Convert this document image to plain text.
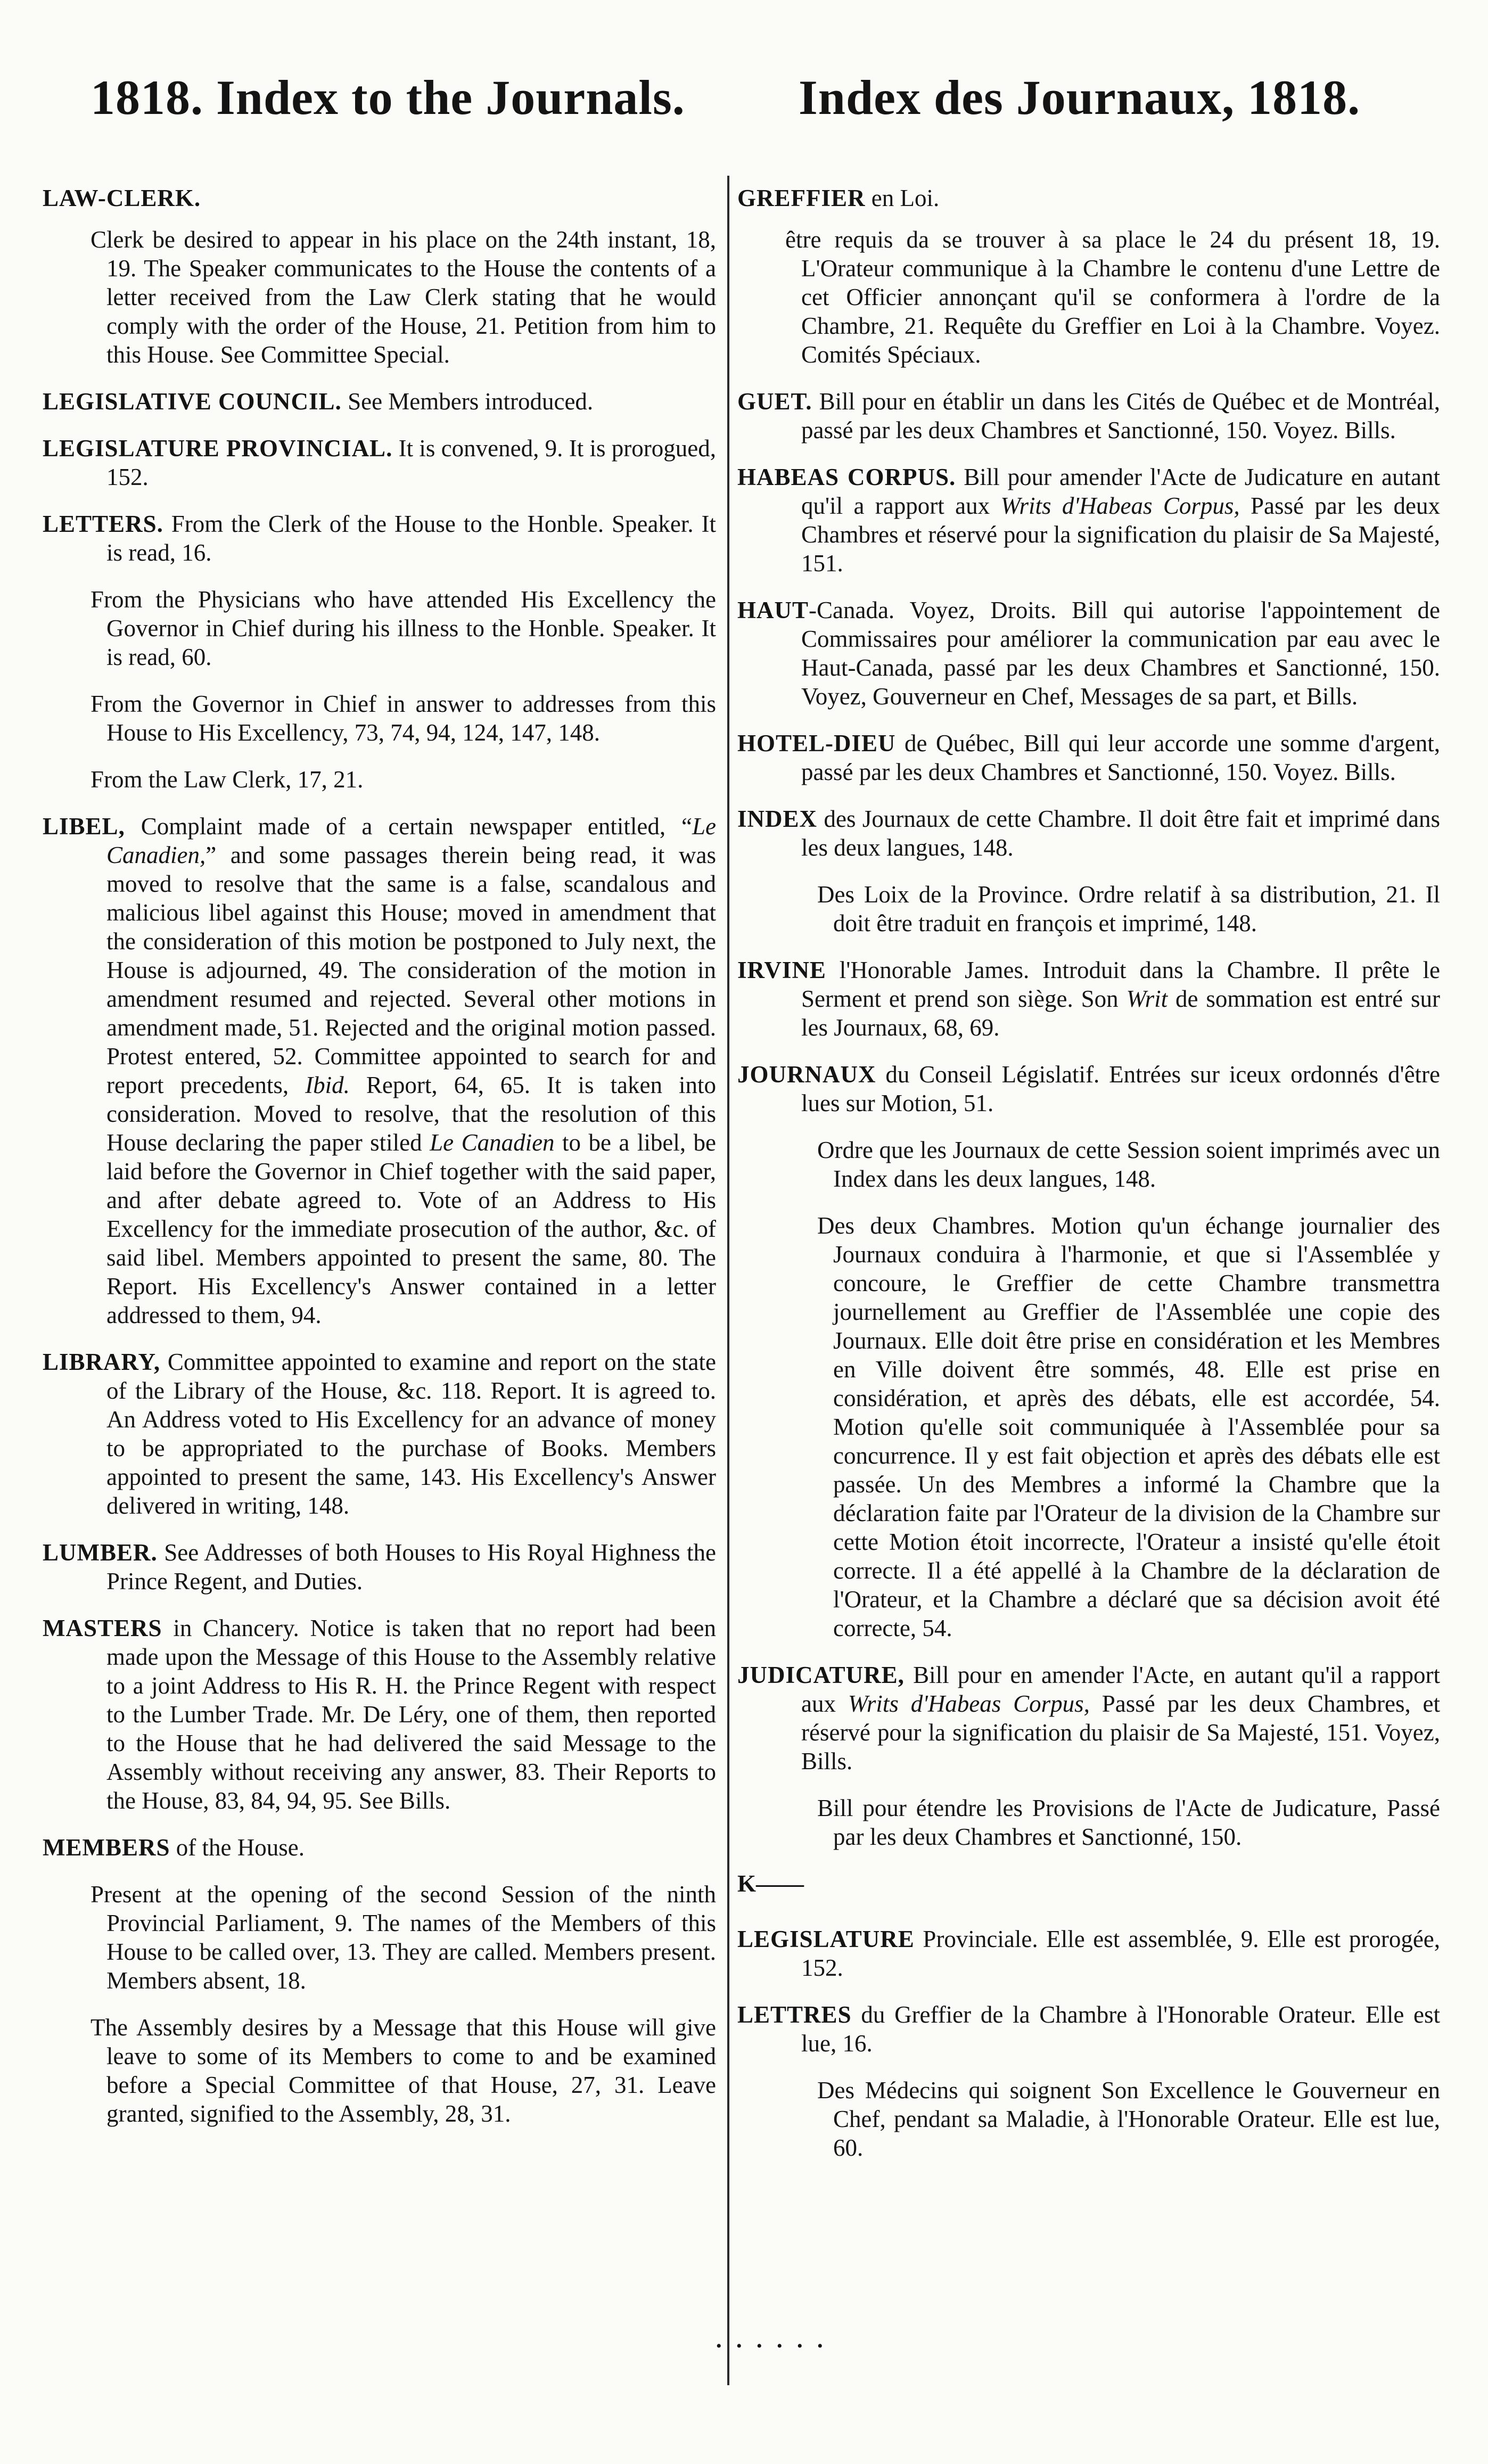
1818. Index to the Journals. Index des Journaux, 1818.
LAW-CLERK.

Clerk be desired to appear in his place on the 24th instant, 18, 19. The Speaker communicates to the House the contents of a letter received from the Law Clerk stating that he would comply with the order of the House, 21. Petition from him to this House. See Committee Special.

LEGISLATIVE COUNCIL. See Members introduced.

LEGISLATURE PROVINCIAL. It is convened, 9. It is prorogued, 152.

LETTERS. From the Clerk of the House to the Honble. Speaker. It is read, 16.

From the Physicians who have attended His Excellency the Governor in Chief during his illness to the Honble. Speaker. It is read, 60.

From the Governor in Chief in answer to addresses from this House to His Excellency, 73, 74, 94, 124, 147, 148.

From the Law Clerk, 17, 21.

LIBEL, Complaint made of a certain newspaper entitled, “Le Canadien,” and some passages therein being read, it was moved to resolve that the same is a false, scandalous and malicious libel against this House; moved in amendment that the consideration of this motion be postponed to July next, the House is adjourned, 49. The consideration of the motion in amendment resumed and rejected. Several other motions in amendment made, 51. Rejected and the original motion passed. Protest entered, 52. Committee appointed to search for and report precedents, Ibid. Report, 64, 65. It is taken into consideration. Moved to resolve, that the resolution of this House declaring the paper stiled Le Canadien to be a libel, be laid before the Governor in Chief together with the said paper, and after debate agreed to. Vote of an Address to His Excellency for the immediate prosecution of the author, &c. of said libel. Members appointed to present the same, 80. The Report. His Excellency's Answer contained in a letter addressed to them, 94.

LIBRARY, Committee appointed to examine and report on the state of the Library of the House, &c. 118. Report. It is agreed to. An Address voted to His Excellency for an advance of money to be appropriated to the purchase of Books. Members appointed to present the same, 143. His Excellency's Answer delivered in writing, 148.

LUMBER. See Addresses of both Houses to His Royal Highness the Prince Regent, and Duties.

MASTERS in Chancery. Notice is taken that no report had been made upon the Message of this House to the Assembly relative to a joint Address to His R. H. the Prince Regent with respect to the Lumber Trade. Mr. De Léry, one of them, then reported to the House that he had delivered the said Message to the Assembly without receiving any answer, 83. Their Reports to the House, 83, 84, 94, 95. See Bills.

MEMBERS of the House.

Present at the opening of the second Session of the ninth Provincial Parliament, 9. The names of the Members of this House to be called over, 13. They are called. Members present. Members absent, 18.

The Assembly desires by a Message that this House will give leave to some of its Members to come to and be examined before a Special Committee of that House, 27, 31. Leave granted, signified to the Assembly, 28, 31.

GREFFIER en Loi.

être requis da se trouver à sa place le 24 du présent 18, 19. L'Orateur communique à la Chambre le contenu d'une Lettre de cet Officier annonçant qu'il se conformera à l'ordre de la Chambre, 21. Requête du Greffier en Loi à la Chambre. Voyez. Comités Spéciaux.

GUET. Bill pour en établir un dans les Cités de Québec et de Montréal, passé par les deux Chambres et Sanctionné, 150. Voyez. Bills.

HABEAS CORPUS. Bill pour amender l'Acte de Judicature en autant qu'il a rapport aux Writs d'Habeas Corpus, Passé par les deux Chambres et réservé pour la signification du plaisir de Sa Majesté, 151.

HAUT-Canada. Voyez, Droits. Bill qui autorise l'appointement de Commissaires pour améliorer la communication par eau avec le Haut-Canada, passé par les deux Chambres et Sanctionné, 150. Voyez, Gouverneur en Chef, Messages de sa part, et Bills.

HOTEL-DIEU de Québec, Bill qui leur accorde une somme d'argent, passé par les deux Chambres et Sanctionné, 150. Voyez. Bills.

INDEX des Journaux de cette Chambre. Il doit être fait et imprimé dans les deux langues, 148.

Des Loix de la Province. Ordre relatif à sa distribution, 21. Il doit être traduit en françois et imprimé, 148.

IRVINE l'Honorable James. Introduit dans la Chambre. Il prête le Serment et prend son siège. Son Writ de sommation est entré sur les Journaux, 68, 69.

JOURNAUX du Conseil Législatif. Entrées sur iceux ordonnés d'être lues sur Motion, 51.

Ordre que les Journaux de cette Session soient imprimés avec un Index dans les deux langues, 148.

Des deux Chambres. Motion qu'un échange journalier des Journaux conduira à l'harmonie, et que si l'Assemblée y concoure, le Greffier de cette Chambre transmettra journellement au Greffier de l'Assemblée une copie des Journaux. Elle doit être prise en considération et les Membres en Ville doivent être sommés, 48. Elle est prise en considération, et après des débats, elle est accordée, 54. Motion qu'elle soit communiquée à l'Assemblée pour sa concurrence. Il y est fait objection et après des débats elle est passée. Un des Membres a informé la Chambre que la déclaration faite par l'Orateur de la division de la Chambre sur cette Motion étoit incorrecte, l'Orateur a insisté qu'elle étoit correcte. Il a été appellé à la Chambre de la déclaration de l'Orateur, et la Chambre a déclaré que sa décision avoit été correcte, 54.

JUDICATURE, Bill pour en amender l'Acte, en autant qu'il a rapport aux Writs d'Habeas Corpus, Passé par les deux Chambres, et réservé pour la signification du plaisir de Sa Majesté, 151. Voyez, Bills.

Bill pour étendre les Provisions de l'Acte de Judicature, Passé par les deux Chambres et Sanctionné, 150.

K——

LEGISLATURE Provinciale. Elle est assemblée, 9. Elle est prorogée, 152.

LETTRES du Greffier de la Chambre à l'Honorable Orateur. Elle est lue, 16.

Des Médecins qui soignent Son Excellence le Gouverneur en Chef, pendant sa Maladie, à l'Honorable Orateur. Elle est lue, 60.

• • • • • •
